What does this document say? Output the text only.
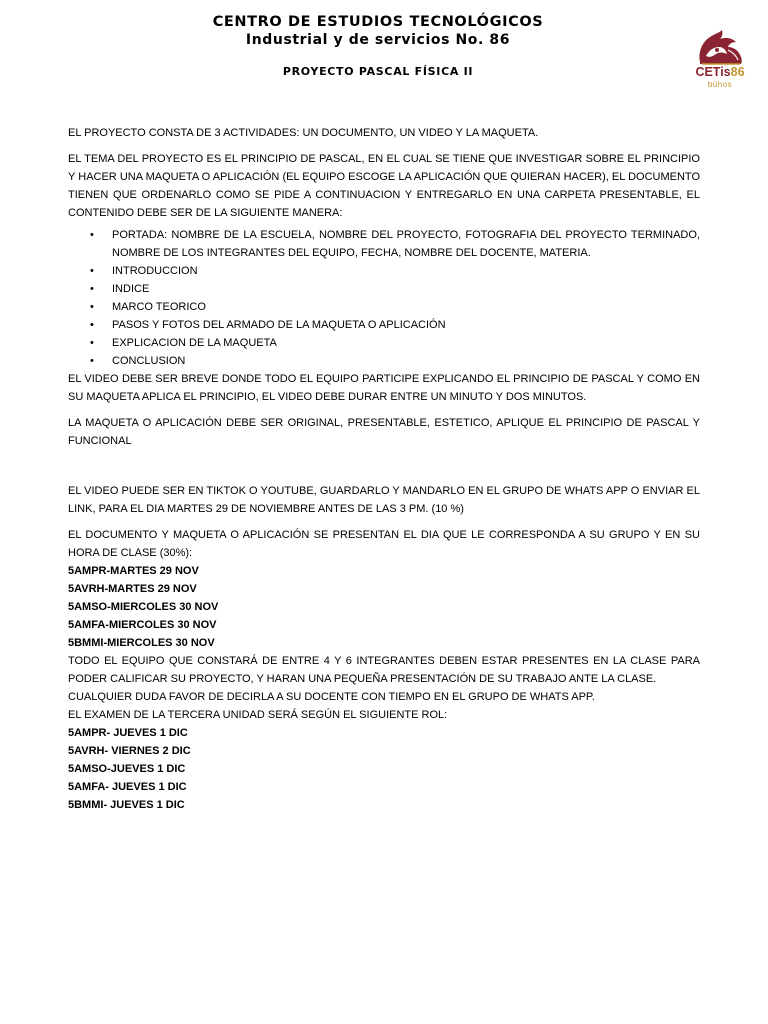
CENTRO DE ESTUDIOS TECNOLÓGICOS
Industrial y de servicios No. 86
PROYECTO PASCAL FÍSICA II	CETis86
búhos

EL PROYECTO CONSTA DE 3 ACTIVIDADES: UN DOCUMENTO, UN VIDEO Y LA MAQUETA.

EL TEMA DEL PROYECTO ES EL PRINCIPIO DE PASCAL, EN EL CUAL SE TIENE QUE INVESTIGAR SOBRE EL PRINCIPIO Y HACER UNA MAQUETA O APLICACIÓN (EL EQUIPO ESCOGE LA APLICACIÓN QUE QUIERAN HACER), EL DOCUMENTO TIENEN QUE ORDENARLO COMO SE PIDE A CONTINUACION Y ENTREGARLO EN UNA CARPETA PRESENTABLE, EL CONTENIDO DEBE SER DE LA SIGUIENTE MANERA:

• PORTADA: NOMBRE DE LA ESCUELA, NOMBRE DEL PROYECTO, FOTOGRAFIA DEL PROYECTO TERMINADO, NOMBRE DE LOS INTEGRANTES DEL EQUIPO, FECHA, NOMBRE DEL DOCENTE, MATERIA.
• INTRODUCCION
• INDICE
• MARCO TEORICO
• PASOS Y FOTOS DEL ARMADO DE LA MAQUETA O APLICACIÓN
• EXPLICACION DE LA MAQUETA
• CONCLUSION

EL VIDEO DEBE SER BREVE DONDE TODO EL EQUIPO PARTICIPE EXPLICANDO EL PRINCIPIO DE PASCAL Y COMO EN SU MAQUETA APLICA EL PRINCIPIO, EL VIDEO DEBE DURAR ENTRE UN MINUTO Y DOS MINUTOS.

LA MAQUETA O APLICACIÓN DEBE SER ORIGINAL, PRESENTABLE, ESTETICO, APLIQUE EL PRINCIPIO DE PASCAL Y FUNCIONAL

EL VIDEO PUEDE SER EN TIKTOK O YOUTUBE, GUARDARLO Y MANDARLO EN EL GRUPO DE WHATS APP O ENVIAR EL LINK, PARA EL DIA MARTES 29 DE NOVIEMBRE ANTES DE LAS 3 PM. (10 %)

EL DOCUMENTO Y MAQUETA O APLICACIÓN SE PRESENTAN EL DIA QUE LE CORRESPONDA A SU GRUPO Y EN SU HORA DE CLASE (30%):

5AMPR-MARTES 29 NOV

5AVRH-MARTES 29 NOV

5AMSO-MIERCOLES 30 NOV

5AMFA-MIERCOLES 30 NOV

5BMMI-MIERCOLES 30 NOV

TODO EL EQUIPO QUE CONSTARÁ DE ENTRE 4 Y 6 INTEGRANTES DEBEN ESTAR PRESENTES EN LA CLASE PARA PODER CALIFICAR SU PROYECTO, Y HARAN UNA PEQUEÑA PRESENTACIÓN DE SU TRABAJO ANTE LA CLASE.

CUALQUIER DUDA FAVOR DE DECIRLA A SU DOCENTE CON TIEMPO EN EL GRUPO DE WHATS APP.

EL EXAMEN DE LA TERCERA UNIDAD SERÁ SEGÚN EL SIGUIENTE ROL:

5AMPR- JUEVES 1 DIC

5AVRH- VIERNES 2 DIC

5AMSO-JUEVES 1 DIC

5AMFA- JUEVES 1 DIC

5BMMI- JUEVES 1 DIC
